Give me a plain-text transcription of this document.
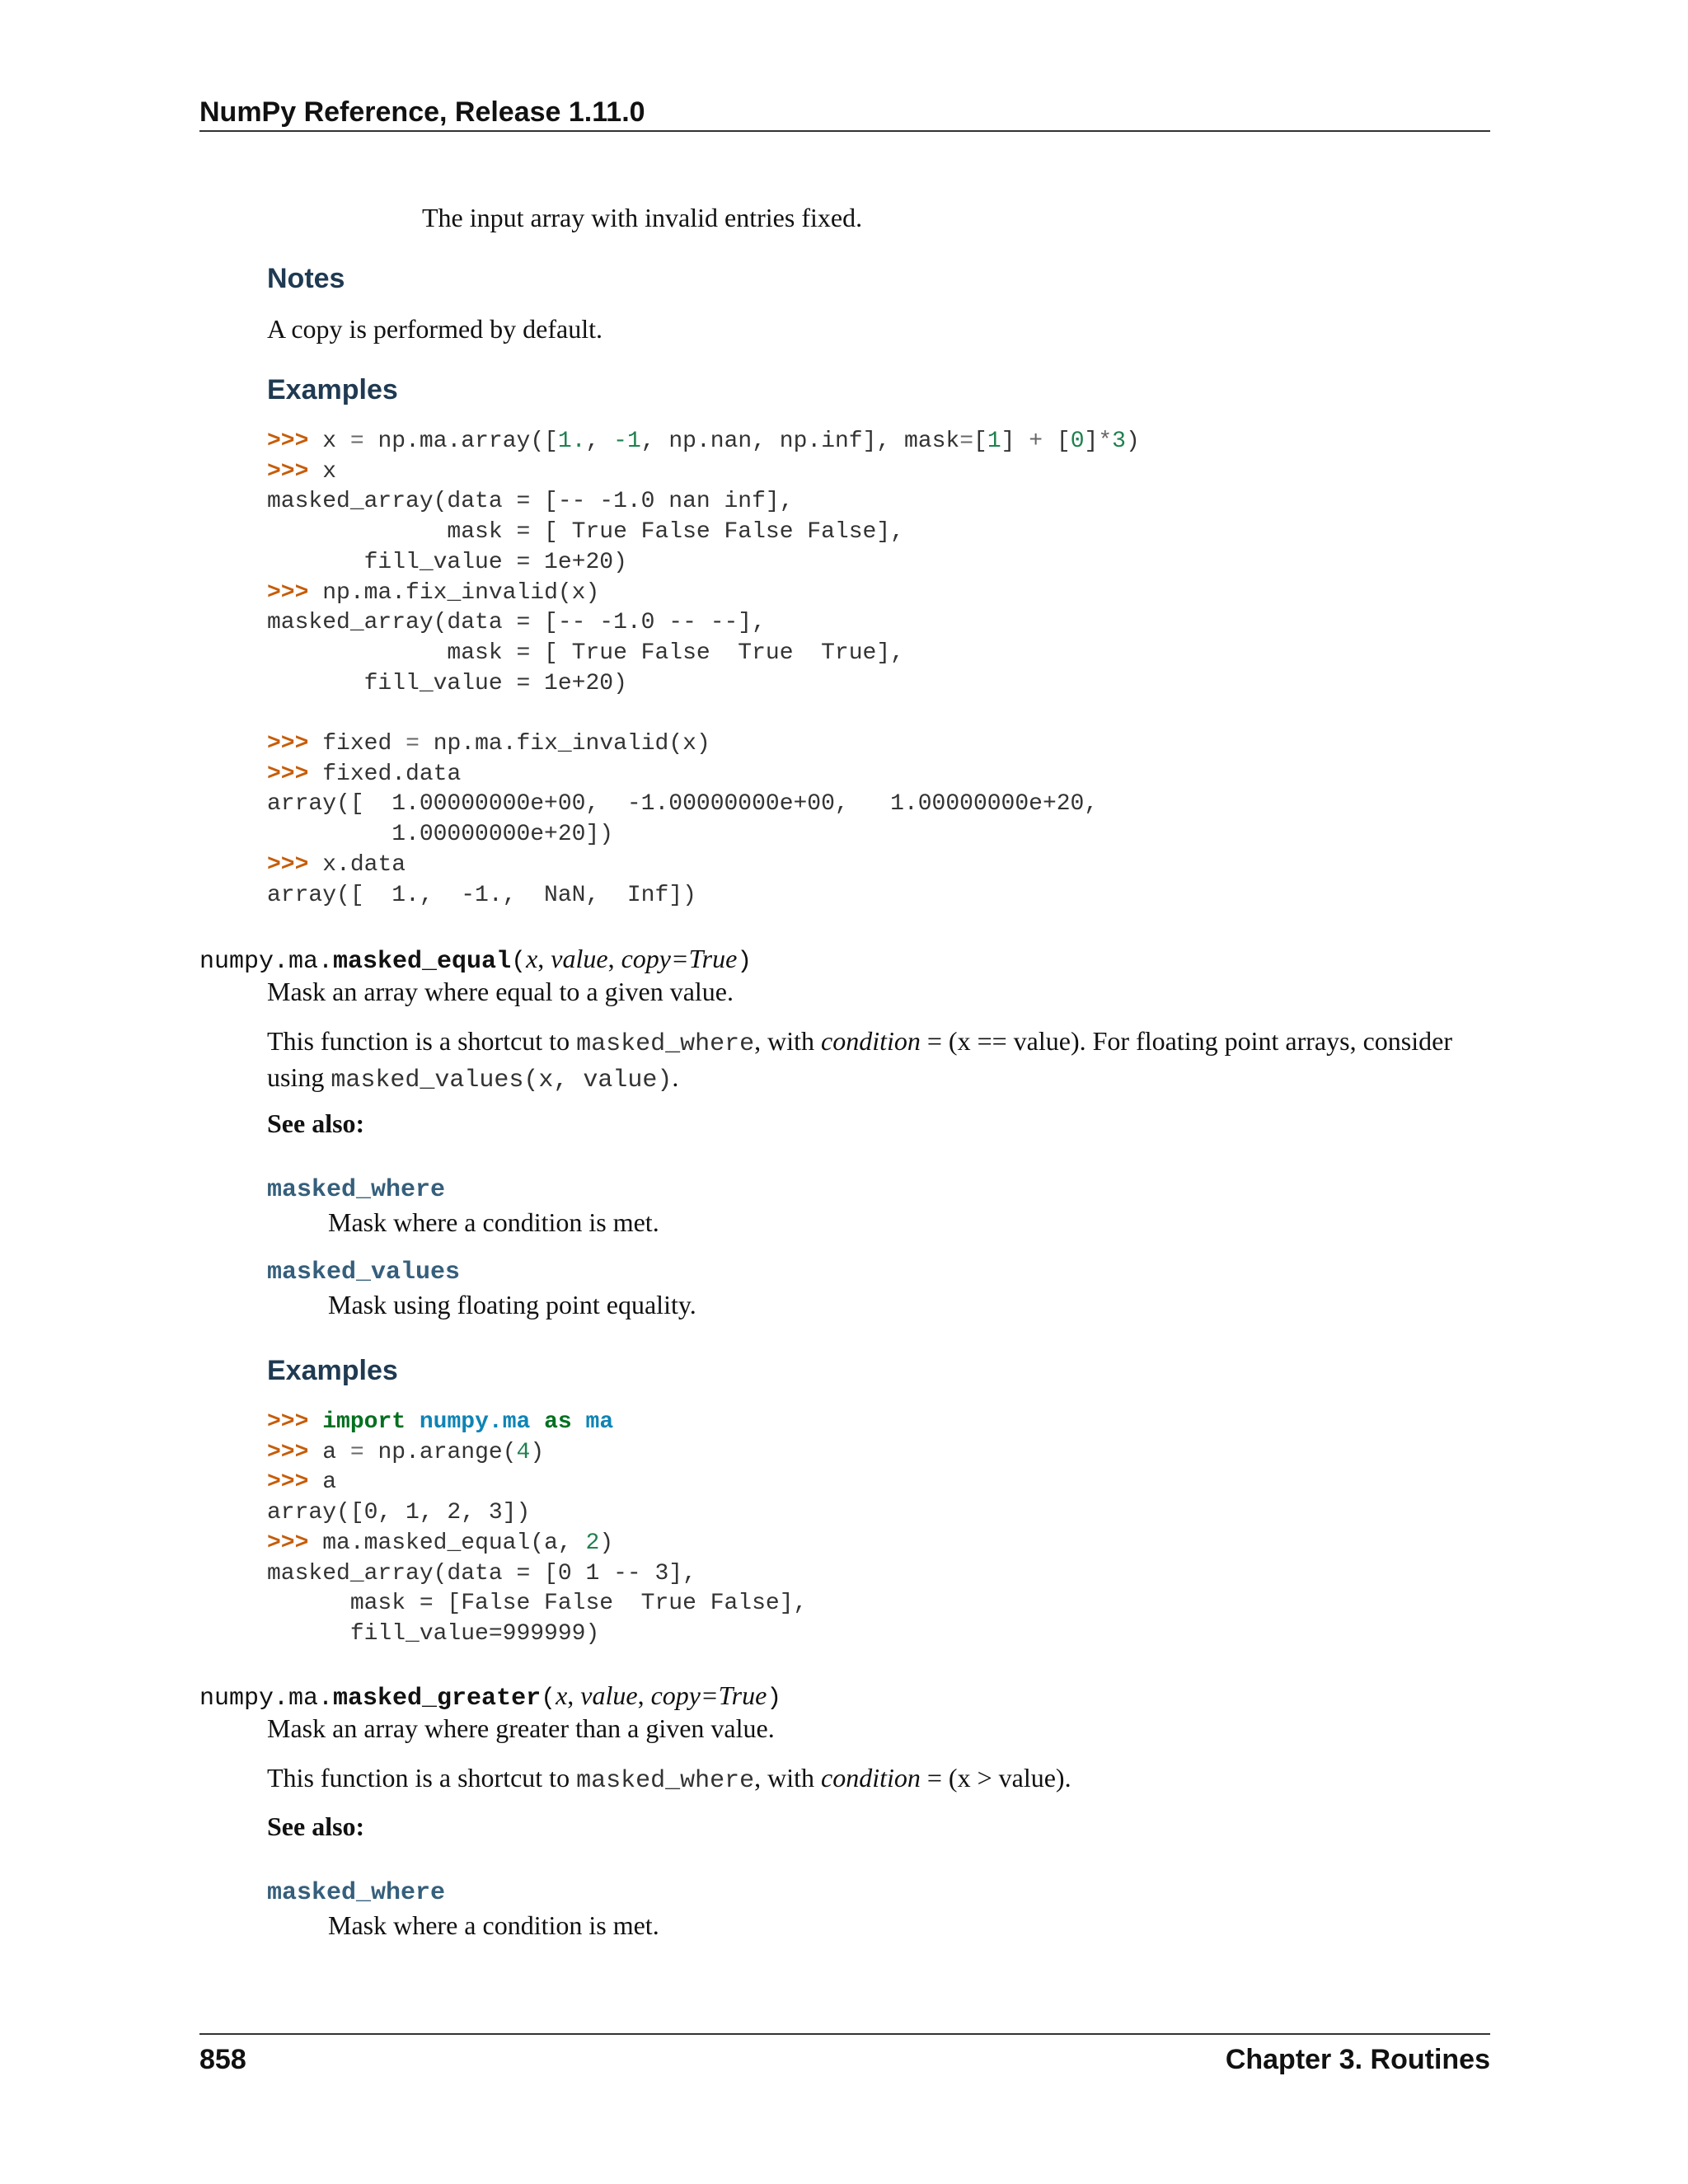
NumPy Reference, Release 1.11.0
The input array with invalid entries fixed.
Notes
A copy is performed by default.
Examples
>>> x = np.ma.array([1., -1, np.nan, np.inf], mask=[1] + [0]*3)
>>> x
masked_array(data = [-- -1.0 nan inf],
mask = [ True False False False],
fill_value = 1e+20)
>>> np.ma.fix_invalid(x)
masked_array(data = [-- -1.0 -- --],
mask = [ True False  True  True],
fill_value = 1e+20)
>>> fixed = np.ma.fix_invalid(x)
>>> fixed.data
array([  1.00000000e+00,  -1.00000000e+00,   1.00000000e+20,
1.00000000e+20])
>>> x.data
array([  1.,  -1.,  NaN,  Inf])
numpy.ma.masked_equal(x, value, copy=True)
Mask an array where equal to a given value.
This function is a shortcut to masked_where, with condition = (x == value). For floating point arrays, consider
using masked_values(x, value).
See also:
masked_where
Mask where a condition is met.
masked_values
Mask using floating point equality.
Examples
>>> import numpy.ma as ma
>>> a = np.arange(4)
>>> a
array([0, 1, 2, 3])
>>> ma.masked_equal(a, 2)
masked_array(data = [0 1 -- 3],
mask = [False False  True False],
fill_value=999999)
numpy.ma.masked_greater(x, value, copy=True)
Mask an array where greater than a given value.
This function is a shortcut to masked_where, with condition = (x > value).
See also:
masked_where
Mask where a condition is met.
858	Chapter 3. Routines
